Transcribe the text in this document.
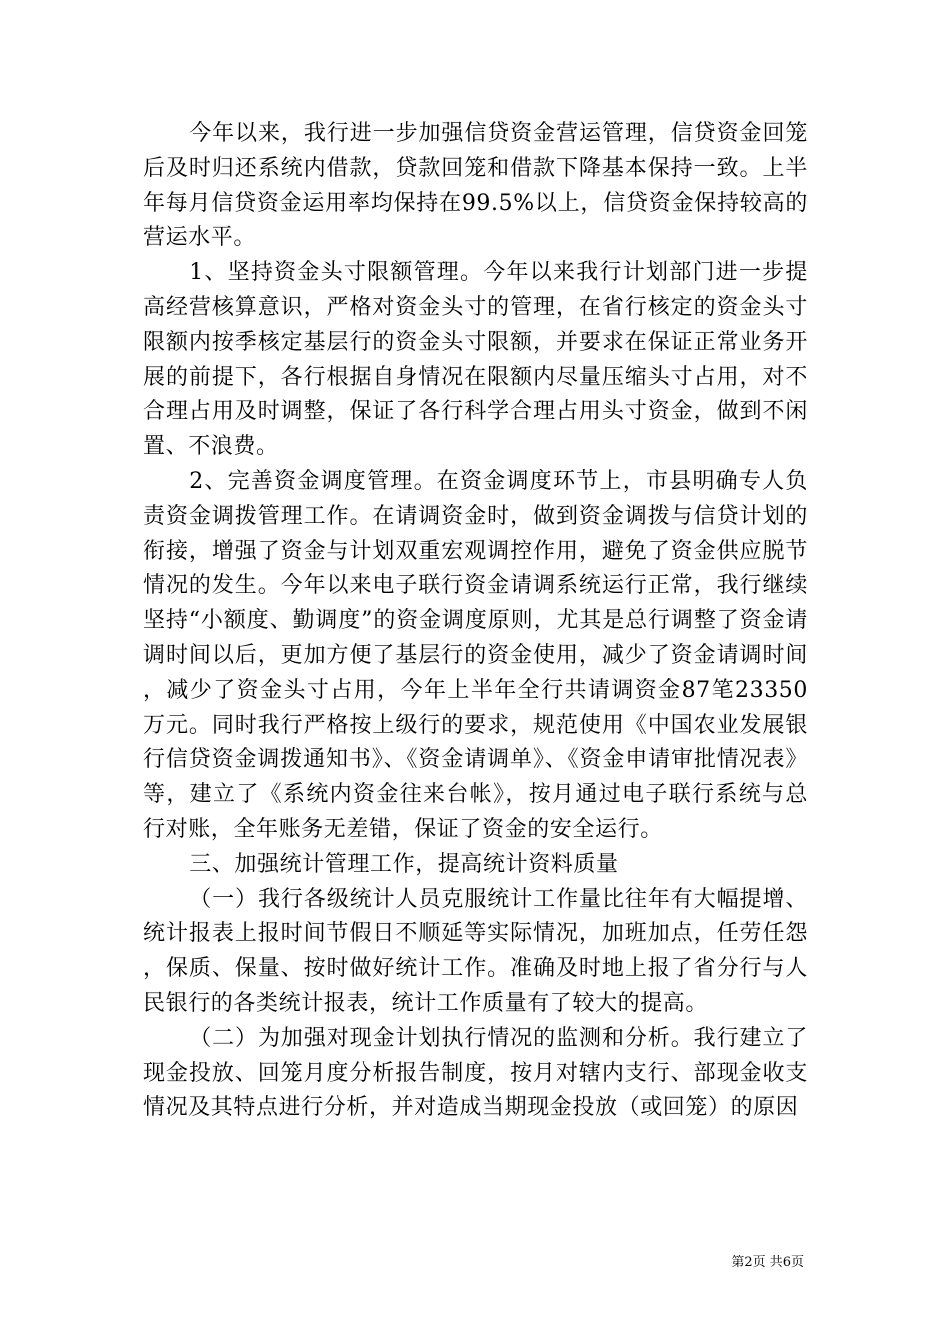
今年以来，我行进一步加强信贷资金营运管理，信贷资金回笼后及时归还系统内借款，贷款回笼和借款下降基本保持一致。上半年每月信贷资金运用率均保持在99.5%以上，信贷资金保持较高的营运水平。

1、坚持资金头寸限额管理。今年以来我行计划部门进一步提高经营核算意识，严格对资金头寸的管理，在省行核定的资金头寸限额内按季核定基层行的资金头寸限额，并要求在保证正常业务开展的前提下，各行根据自身情况在限额内尽量压缩头寸占用，对不合理占用及时调整，保证了各行科学合理占用头寸资金，做到不闲置、不浪费。

2、完善资金调度管理。在资金调度环节上，市县明确专人负责资金调拨管理工作。在请调资金时，做到资金调拨与信贷计划的衔接，增强了资金与计划双重宏观调控作用，避免了资金供应脱节情况的发生。今年以来电子联行资金请调系统运行正常，我行继续坚持“小额度、勤调度”的资金调度原则，尤其是总行调整了资金请调时间以后，更加方便了基层行的资金使用，减少了资金请调时间，减少了资金头寸占用，今年上半年全行共请调资金87笔23350万元。同时我行严格按上级行的要求，规范使用《中国农业发展银行信贷资金调拨通知书》、《资金请调单》、《资金申请审批情况表》等，建立了《系统内资金往来台帐》，按月通过电子联行系统与总行对账，全年账务无差错，保证了资金的安全运行。

三、加强统计管理工作，提高统计资料质量

（一）我行各级统计人员克服统计工作量比往年有大幅提增、统计报表上报时间节假日不顺延等实际情况，加班加点，任劳任怨，保质、保量、按时做好统计工作。准确及时地上报了省分行与人民银行的各类统计报表，统计工作质量有了较大的提高。

（二）为加强对现金计划执行情况的监测和分析。我行建立了现金投放、回笼月度分析报告制度，按月对辖内支行、部现金收支情况及其特点进行分析，并对造成当期现金投放（或回笼）的原因

第2页 共6页
